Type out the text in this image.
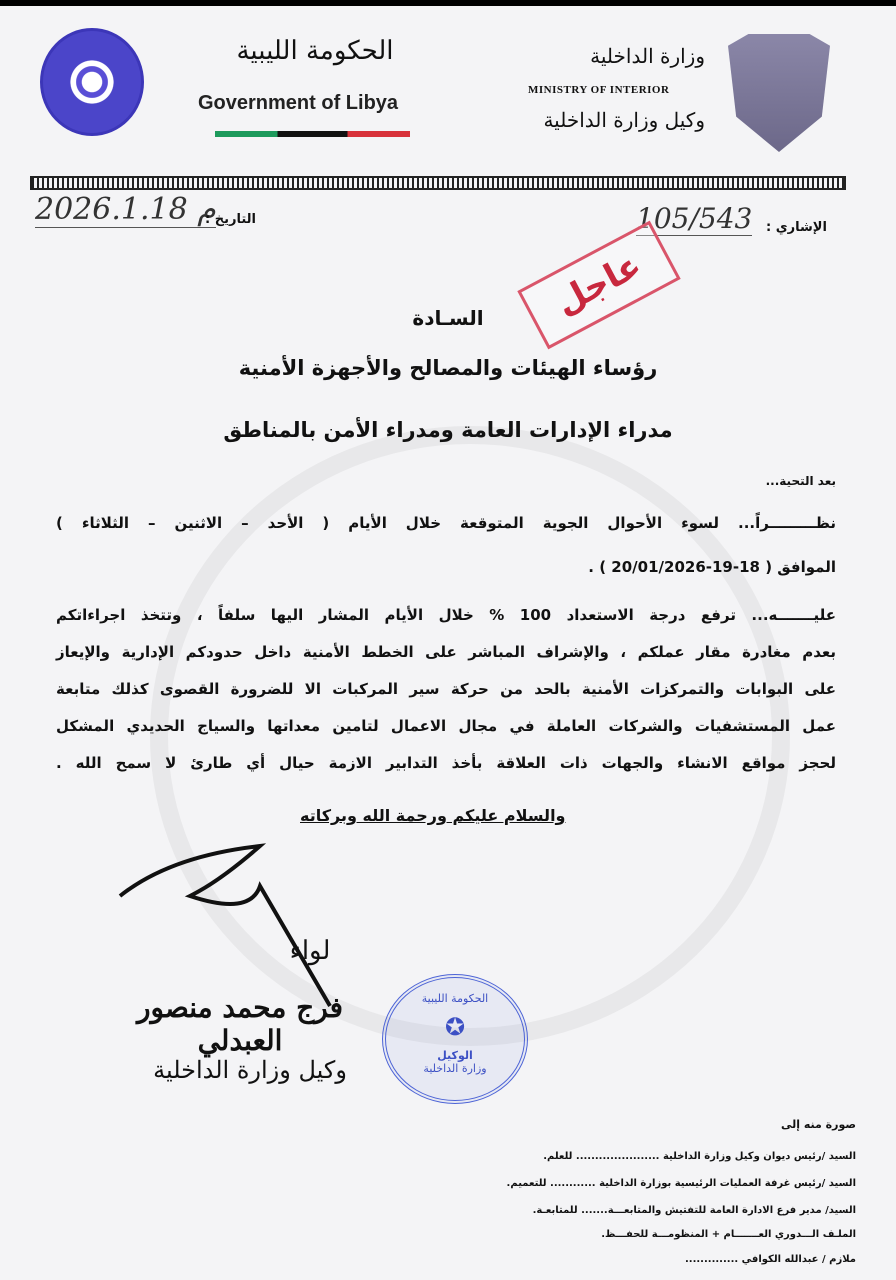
الحكومة الليبية
Government of Libya
وزارة الداخلية
MINISTRY OF INTERIOR
وكيل وزارة الداخلية
2026.1.18 م
التاريخ :	105/543 الإشاري :
عاجل
السـادة
رؤساء الهيئات والمصالح والأجهزة الأمنية
مدراء الإدارات العامة ومدراء الأمن بالمناطق
بعد التحية...
نظـــــــــراً... لسوء الأحوال الجوية المتوقعة خلال الأيام ( الأحد – الاثنين – الثلاثاء )
الموافق ( 18-19-20/01/2026 ) .
عليـــــــه... ترفع درجة الاستعداد 100 % خلال الأيام المشار اليها سلفاً ، وتتخذ اجراءاتكم
بعدم مغادرة مقار عملكم ، والإشراف المباشر على الخطط الأمنية داخل حدودكم الإدارية والإيعاز
على البوابات والتمركزات الأمنية بالحد من حركة سير المركبات الا للضرورة القصوى كذلك متابعة
عمل المستشفيات والشركات العاملة في مجال الاعمال لتامين معداتها والسياج الحديدي المشكل
لحجز مواقع الانشاء والجهات ذات العلاقة بأخذ التدابير الازمة حيال أي طارئ لا سمح الله .
والسلام عليكم ورحمة الله وبركاته
لواء
فرج محمد منصور العبدلي
وكيل وزارة الداخلية
الحكومة الليبية
✪
الوكيل
وزارة الداخلية
صورة منه إلى
السيد /رئيس ديوان وكيل وزارة الداخلية ...................... للعلم.
السيد /رئيس غرفة العمليات الرئيسية بوزارة الداخلية ............ للتعميم.
السيد/ مدير فرع الادارة العامة للتفتيش والمتابعـــة....... للمتابعـة.
الملـف الـــدوري العـــــــام + المنظومـــة للحفـــظ.
ملازم / عبدالله الكوافي ..............
